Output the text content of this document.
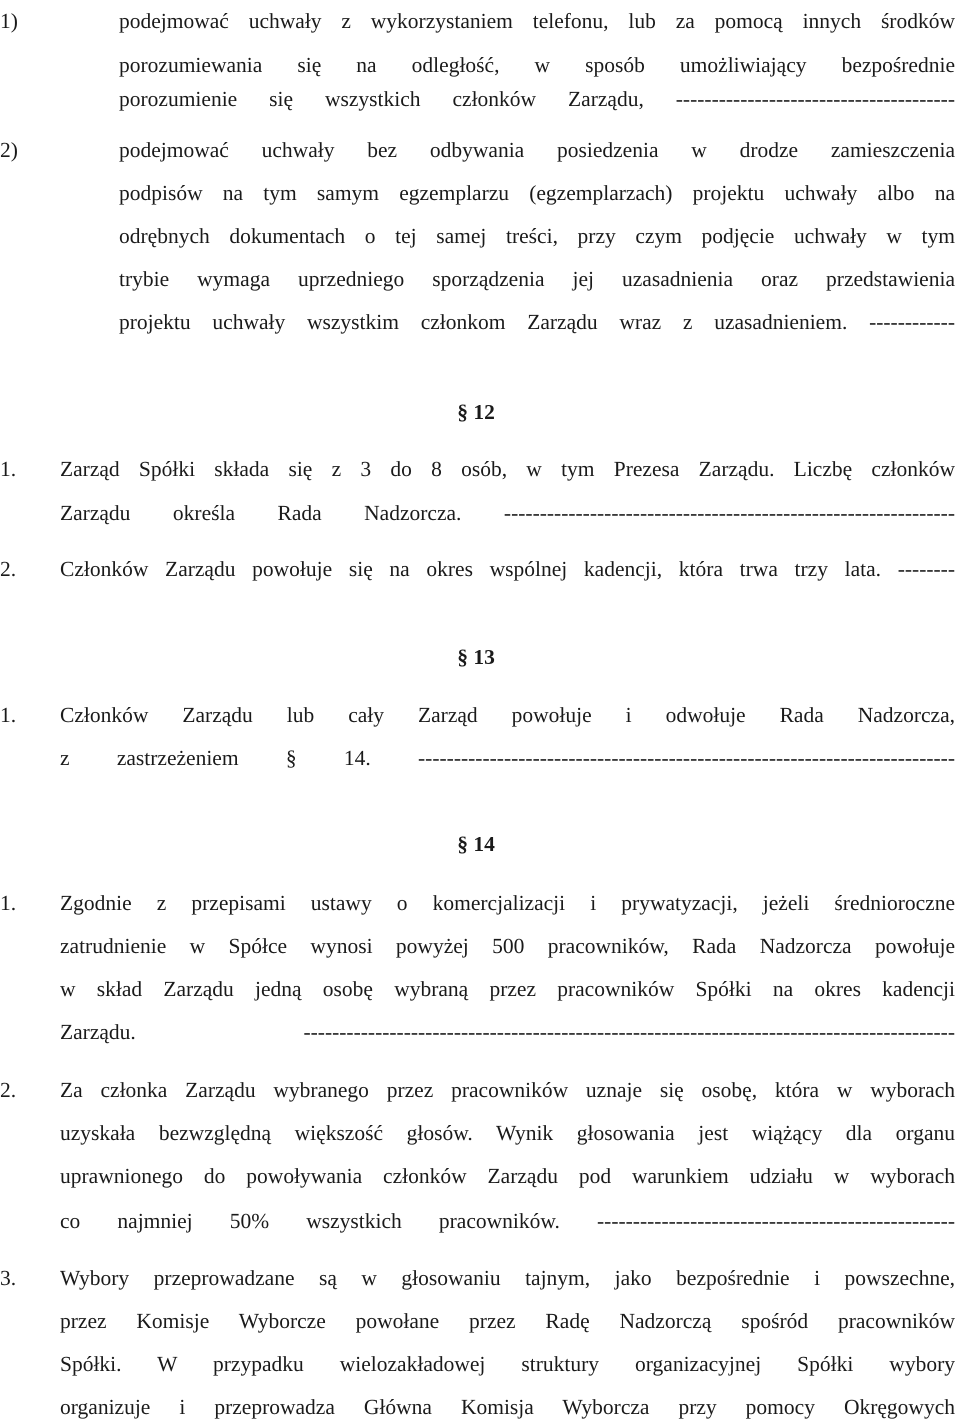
1)	podejmować uchwały z wykorzystaniem telefonu, lub za pomocą innych środków
porozumiewania się na odległość, w sposób umożliwiający bezpośrednie
porozumienie się wszystkich członków Zarządu, ---------------------------------------
2)	podejmować uchwały bez odbywania posiedzenia w drodze zamieszczenia
podpisów na tym samym egzemplarzu (egzemplarzach) projektu uchwały albo na
odrębnych dokumentach o tej samej treści, przy czym podjęcie uchwały w tym
trybie wymaga uprzedniego sporządzenia jej uzasadnienia oraz przedstawienia
projektu uchwały wszystkim członkom Zarządu wraz z uzasadnieniem. ------------
§ 12
1. Zarząd Spółki składa się z 3 do 8 osób, w tym Prezesa Zarządu. Liczbę członków
Zarządu określa Rada Nadzorcza. ---------------------------------------------------------------
2. Członków Zarządu powołuje się na okres wspólnej kadencji, która trwa trzy lata. --------
§ 13
1. Członków Zarządu lub cały Zarząd powołuje i odwołuje Rada Nadzorcza,
z zastrzeżeniem § 14. ---------------------------------------------------------------------------
§ 14
1. Zgodnie z przepisami ustawy o komercjalizacji i prywatyzacji, jeżeli średnioroczne
zatrudnienie w Spółce wynosi powyżej 500 pracowników, Rada Nadzorcza powołuje
w skład Zarządu jedną osobę wybraną przez pracowników Spółki na okres kadencji
Zarządu. -------------------------------------------------------------------------------------------
2. Za członka Zarządu wybranego przez pracowników uznaje się osobę, która w wyborach
uzyskała bezwzględną większość głosów. Wynik głosowania jest wiążący dla organu
uprawnionego do powoływania członków Zarządu pod warunkiem udziału w wyborach
co najmniej 50% wszystkich pracowników. --------------------------------------------------
3. Wybory przeprowadzane są w głosowaniu tajnym, jako bezpośrednie i powszechne,
przez Komisje Wyborcze powołane przez Radę Nadzorczą spośród pracowników
Spółki. W przypadku wielozakładowej struktury organizacyjnej Spółki wybory
organizuje i przeprowadza Główna Komisja Wyborcza przy pomocy Okręgowych
